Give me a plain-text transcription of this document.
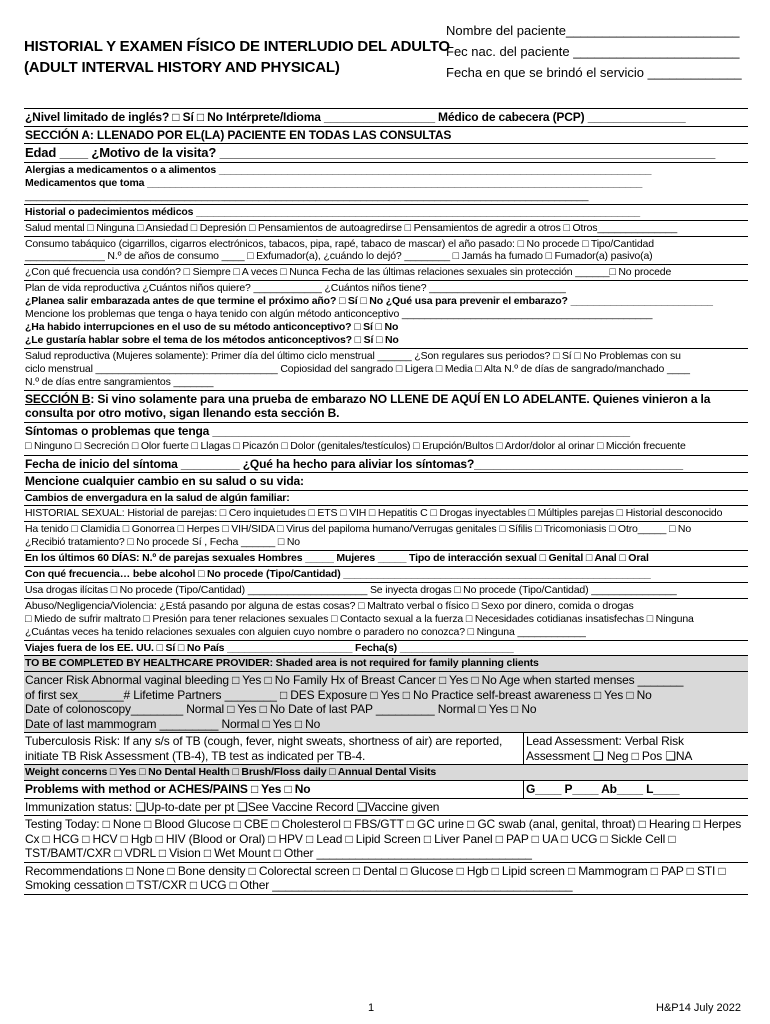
HISTORIAL Y EXAMEN FÍSICO DE INTERLUDIO DEL ADULTO
(ADULT INTERVAL HISTORY AND PHYSICAL)
Nombre del paciente________________________
Fec nac. del paciente _______________________
Fecha en que se brindó el servicio _____________
¿Nivel limitado de inglés? □ Sí □ No Intérprete/Idioma _________________ Médico de cabecera (PCP) _______________
SECCIÓN A: LLENADO POR EL(LA) PACIENTE EN TODAS LAS CONSULTAS
Edad ____ ¿Motivo de la visita? ______________________________________________________________________
Alergias a medicamentos o a alimentos ____________________________________________________________________________
Medicamentos que toma _______________________________________________________________________________________
___________________________________________________________________________________________________
Historial o padecimientos médicos ______________________________________________________________________________
Salud mental □ Ninguna □ Ansiedad □ Depresión □ Pensamientos de autoagredirse □ Pensamientos de agredir a otros □ Otros______________
Consumo tabáquico (cigarrillos, cigarros electrónicos, tabacos, pipa, rapé, tabaco de mascar) el año pasado: □ No procede □ Tipo/Cantidad
______________ N.º de años de consumo ____ □ Exfumador(a), ¿cuándo lo dejó? ________ □ Jamás ha fumado □ Fumador(a) pasivo(a)
¿Con qué frecuencia usa condón? □ Siempre □ A veces □ Nunca Fecha de las últimas relaciones sexuales sin protección ______□ No procede
Plan de vida reproductiva ¿Cuántos niños quiere? ____________ ¿Cuántos niños tiene? ________________________
¿Planea salir embarazada antes de que termine el próximo año? □ Sí □ No ¿Qué usa para prevenir el embarazo? _________________________
Mencione los problemas que tenga o haya tenido con algún método anticonceptivo ____________________________________________
¿Ha habido interrupciones en el uso de su método anticonceptivo? □ Sí □ No
¿Le gustaría hablar sobre el tema de los métodos anticonceptivos? □ Sí □ No
Salud reproductiva (Mujeres solamente): Primer día del último ciclo menstrual ______ ¿Son regulares sus periodos? □ Sí □ No Problemas con su
ciclo menstrual ________________________________ Copiosidad del sangrado □ Ligera □ Media □ Alta N.º de días de sangrado/manchado ____
N.º de días entre sangramientos _______
SECCIÓN B: Si vino solamente para una prueba de embarazo NO LLENE DE AQUÍ EN LO ADELANTE. Quienes vinieron a la consulta por otro motivo, sigan llenando esta sección B.
Síntomas o problemas que tenga ________________________________________________________________
□ Ninguno □ Secreción □ Olor fuerte □ Llagas □ Picazón □ Dolor (genitales/testículos) □ Erupción/Bultos □ Ardor/dolor al orinar □ Micción frecuente
Fecha de inicio del síntoma _________ ¿Qué ha hecho para aliviar los síntomas?________________________________
Mencione cualquier cambio en su salud o su vida:
Cambios de envergadura en la salud de algún familiar:
HISTORIAL SEXUAL: Historial de parejas: □ Cero inquietudes □ ETS □ VIH □ Hepatitis C □ Drogas inyectables □ Múltiples parejas □ Historial desconocido
Ha tenido □ Clamidia □ Gonorrea □ Herpes □ VIH/SIDA □ Virus del papiloma humano/Verrugas genitales □ Sífilis □ Tricomoniasis □ Otro_____ □ No
¿Recibió tratamiento? □ No procede Sí , Fecha ______ □ No
En los últimos 60 DÍAS: N.º de parejas sexuales Hombres _____ Mujeres _____ Tipo de interacción sexual □ Genital □ Anal □ Oral
Con qué frecuencia… bebe alcohol □ No procede (Tipo/Cantidad) ______________________________________________________
Usa drogas ilícitas □ No procede (Tipo/Cantidad) _____________________ Se inyecta drogas □ No procede (Tipo/Cantidad) _______________
Abuso/Negligencia/Violencia: ¿Está pasando por alguna de estas cosas? □ Maltrato verbal o físico □ Sexo por dinero, comida o drogas
□ Miedo de sufrir maltrato □ Presión para tener relaciones sexuales □ Contacto sexual a la fuerza □ Necesidades cotidianas insatisfechas □ Ninguna
¿Cuántas veces ha tenido relaciones sexuales con alguien cuyo nombre o paradero no conozca? □ Ninguna ____________
Viajes fuera de los EE. UU. □ Sí □ No País ______________________ Fecha(s) ____________________
TO BE COMPLETED BY HEALTHCARE PROVIDER: Shaded area is not required for family planning clients
Cancer Risk Abnormal vaginal bleeding □ Yes □ No Family Hx of Breast Cancer □ Yes □ No Age when started menses _______
of first sex_______# Lifetime Partners ________ □ DES Exposure □ Yes □ No Practice self-breast awareness □ Yes □ No
Date of colonoscopy________ Normal □ Yes □ No Date of last PAP _________ Normal □ Yes □ No
Date of last mammogram _________ Normal □ Yes □ No
Tuberculosis Risk: If any s/s of TB (cough, fever, night sweats, shortness of air) are reported, initiate TB Risk Assessment (TB-4), TB test as indicated per TB-4.
Lead Assessment: Verbal Risk Assessment ❑ Neg □ Pos ❑NA
Weight concerns □ Yes □ No Dental Health □ Brush/Floss daily □ Annual Dental Visits
Problems with method or ACHES/PAINS □ Yes □ No	G____ P____ Ab____ L____
Immunization status: ❑Up-to-date per pt ❑See Vaccine Record ❑Vaccine given
Testing Today: □ None □ Blood Glucose □ CBE □ Cholesterol □ FBS/GTT □ GC urine □ GC swab (anal, genital, throat) □ Hearing □ Herpes Cx □ HCG □ HCV □ Hgb □ HIV (Blood or Oral) □ HPV □ Lead □ Lipid Screen □ Liver Panel □ PAP □ UA □ UCG □ Sickle Cell □ TST/BAMT/CXR □ VDRL □ Vision □ Wet Mount □ Other _________________________________
Recommendations □ None □ Bone density □ Colorectal screen □ Dental □ Glucose □ Hgb □ Lipid screen □ Mammogram □ PAP □ STI □ Smoking cessation □ TST/CXR □ UCG □ Other ______________________________________________
1	H&P14 July 2022
